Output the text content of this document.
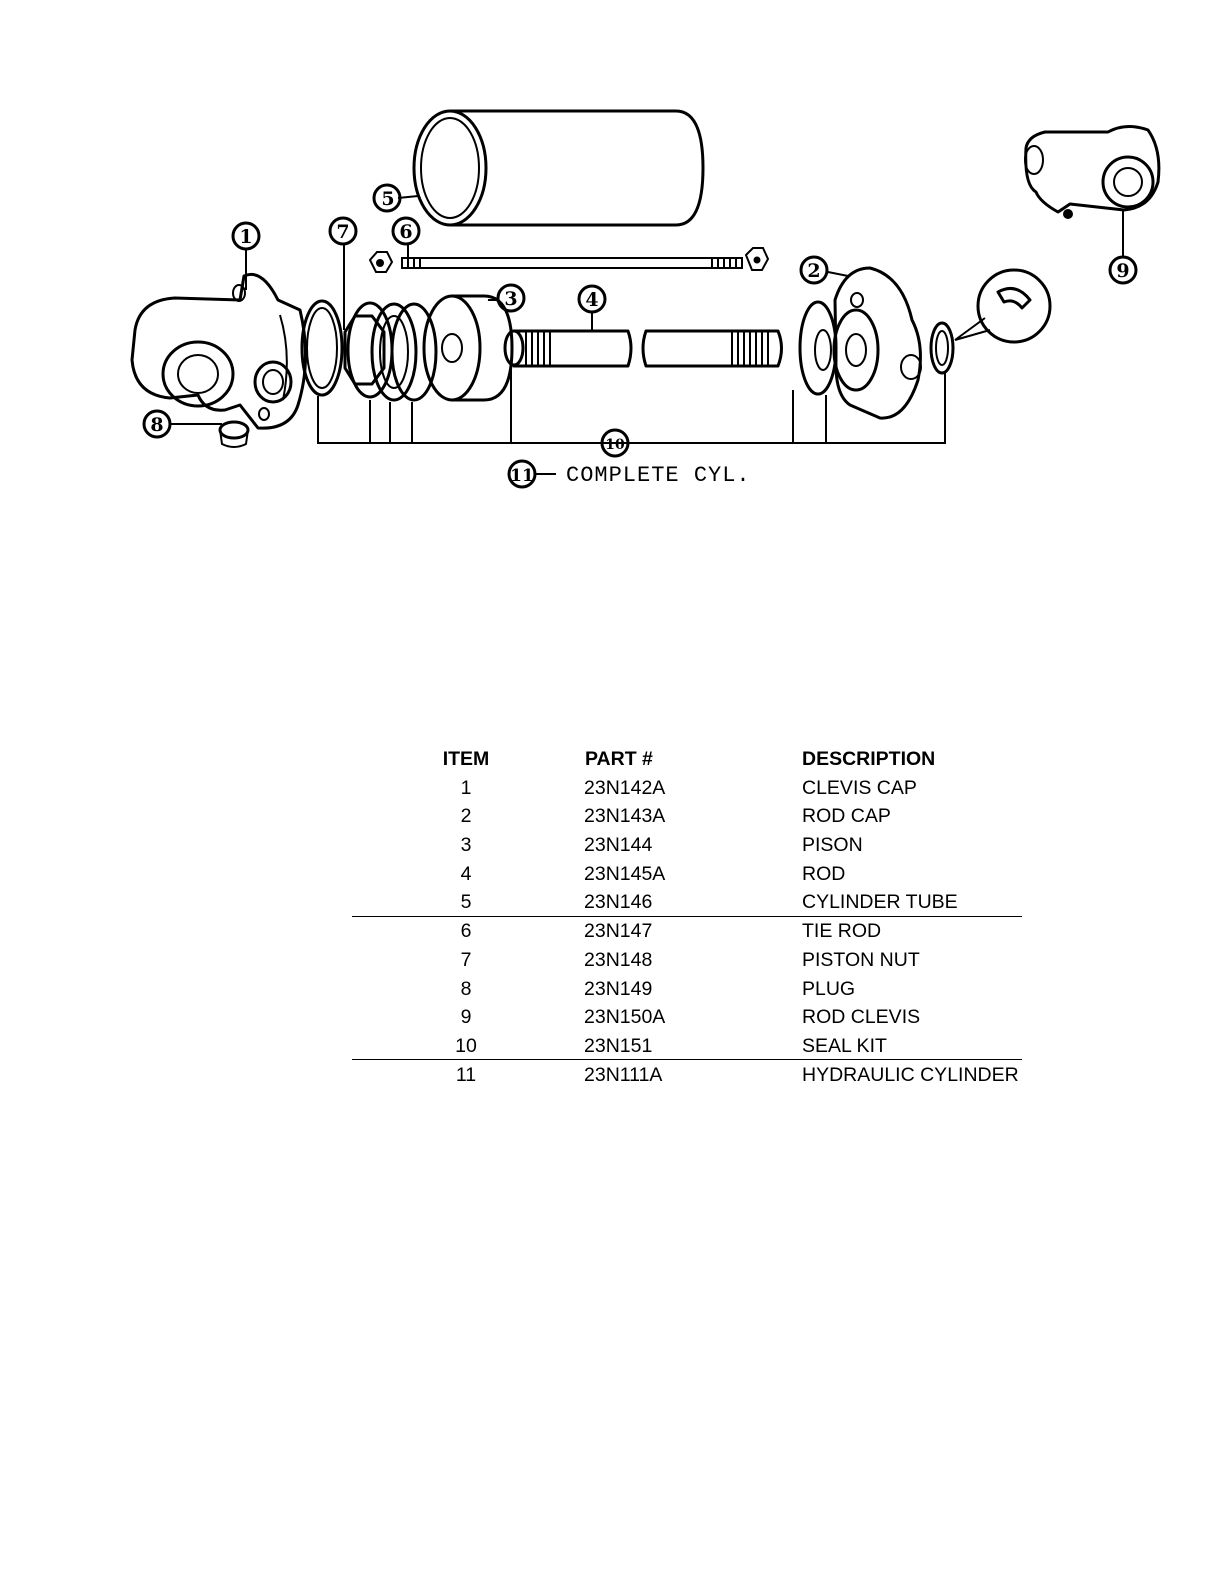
1
2
3	4
5
6
7
8
9
10
11 COMPLETE CYL.
ITEM	PART #	DESCRIPTION
1	23N142A	CLEVIS CAP
2	23N143A	ROD CAP
3	23N144	PISON
4	23N145A	ROD
5	23N146	CYLINDER TUBE
6	23N147	TIE ROD
7	23N148	PISTON NUT
8	23N149	PLUG
9	23N150A	ROD CLEVIS
10	23N151	SEAL KIT
11	23N111A	HYDRAULIC CYLINDER
